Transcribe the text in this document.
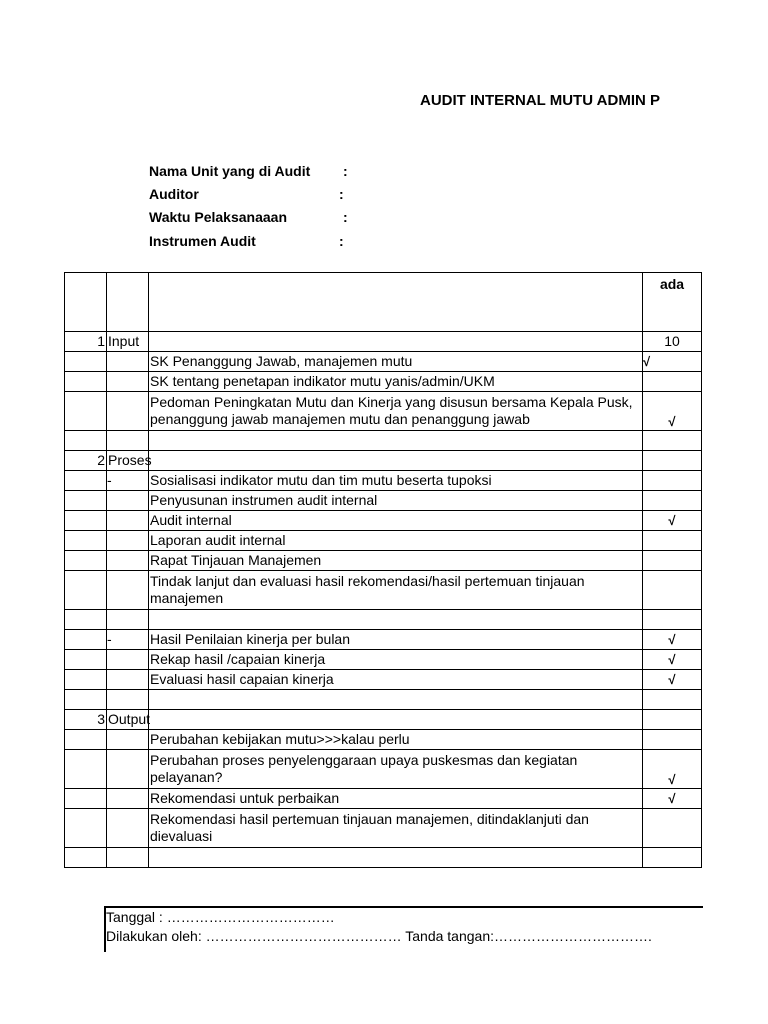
AUDIT INTERNAL MUTU ADMIN P
Nama Unit yang di Audit :
Auditor	:
Waktu Pelaksanaaan	:
Instrumen Audit	:
			ada
1	Input		10
		SK Penanggung Jawab, manajemen mutu	√
		SK tentang penetapan indikator mutu yanis/admin/UKM	
		Pedoman Peningkatan Mutu dan Kinerja yang disusun bersama Kepala Pusk, penanggung jawab manajemen mutu dan penanggung jawab	√

2	Proses		
	-	Sosialisasi indikator mutu dan tim mutu beserta tupoksi	
		Penyusunan instrumen audit internal	
		Audit internal	√
		Laporan audit internal	
		Rapat Tinjauan Manajemen	
		Tindak lanjut dan evaluasi hasil rekomendasi/hasil pertemuan tinjauan manajemen	

	-	Hasil Penilaian kinerja per bulan	√
		Rekap hasil /capaian kinerja	√
		Evaluasi hasil capaian kinerja	√

3	Output		
		Perubahan kebijakan mutu>>>kalau perlu	
		Perubahan proses penyelenggaraan upaya puskesmas dan kegiatan pelayanan?	√
		Rekomendasi untuk perbaikan	√
		Rekomendasi hasil pertemuan tinjauan manajemen, ditindaklanjuti dan dievaluasi	

Tanggal : ………………………………
Dilakukan oleh: …………………………………… Tanda tangan:…………………………….
